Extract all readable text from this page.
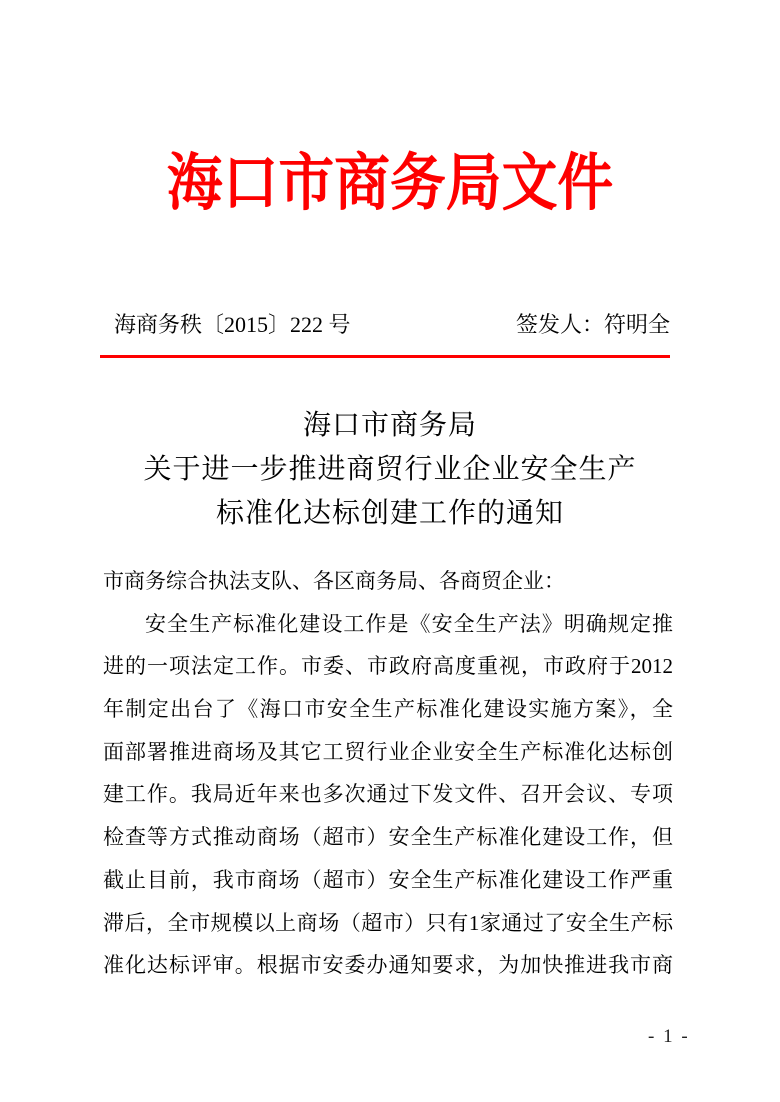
海口市商务局文件
海商务秩〔2015〕222 号	签发人：符明全
海口市商务局
关于进一步推进商贸行业企业安全生产
标准化达标创建工作的通知
市商务综合执法支队、各区商务局、各商贸企业：
安全生产标准化建设工作是《安全生产法》明确规定推
进的一项法定工作。市委、市政府高度重视，市政府于2012
年制定出台了《海口市安全生产标准化建设实施方案》，全
面部署推进商场及其它工贸行业企业安全生产标准化达标创
建工作。我局近年来也多次通过下发文件、召开会议、专项
检查等方式推动商场（超市）安全生产标准化建设工作，但
截止目前，我市商场（超市）安全生产标准化建设工作严重
滞后，全市规模以上商场（超市）只有1家通过了安全生产标
准化达标评审。根据市安委办通知要求，为加快推进我市商
- 1 -
